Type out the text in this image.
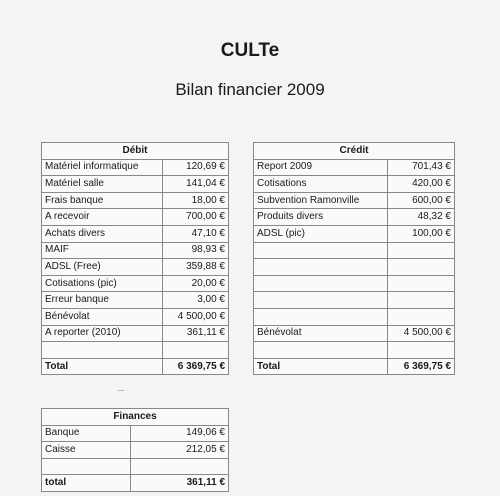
CULTe
Bilan financier 2009
Débit	
Matériel informatique	120,69 €
Matériel salle	141,04 €
Frais banque	18,00 €
A recevoir	700,00 €
Achats divers	47,10 €
MAIF	98,93 €
ADSL (Free)	359,88 €
Cotisations (pic)	20,00 €
Erreur banque	3,00 €
Bénévolat	4 500,00 €
A reporter (2010)	361,11 €

Total	6 369,75 €
Crédit	
Report 2009	701,43 €
Cotisations	420,00 €
Subvention Ramonville	600,00 €
Produits divers	48,32 €
ADSL (pic)	100,00 €

Bénévolat	4 500,00 €

Total	6 369,75 €
Finances	
Banque	149,06 €
Caisse	212,05 €

total	361,11 €
